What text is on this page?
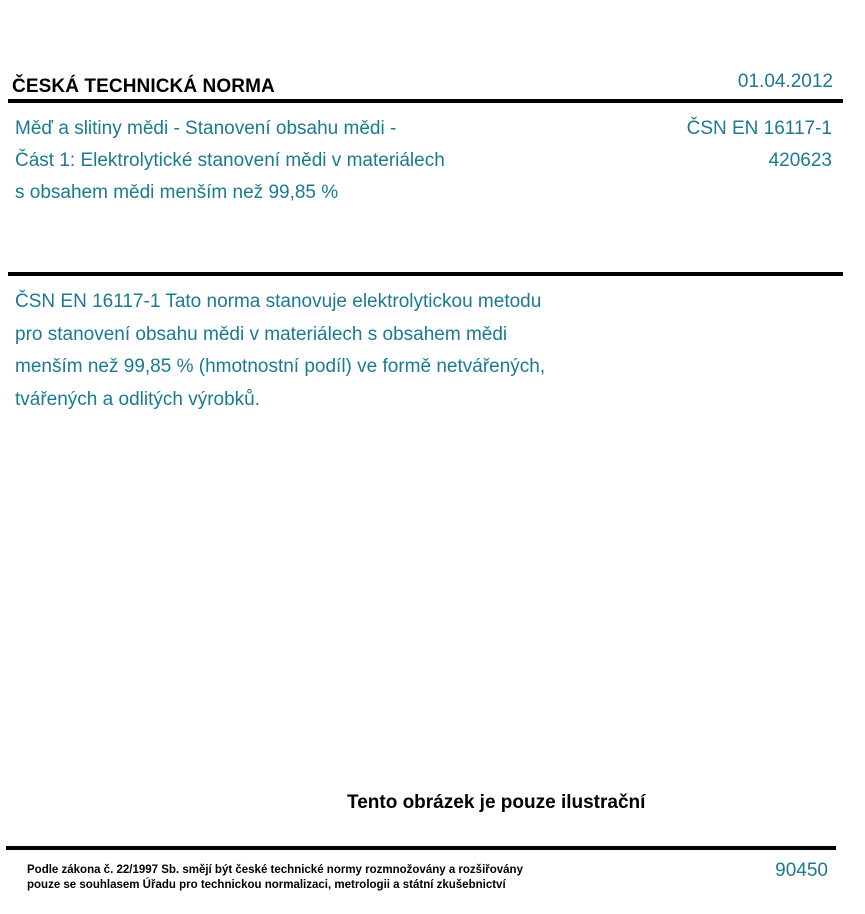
ČESKÁ TECHNICKÁ NORMA	01.04.2012
Měď a slitiny mědi - Stanovení obsahu mědi -
Část 1: Elektrolytické stanovení mědi v materiálech
s obsahem mědi menším než 99,85 %
ČSN EN 16117-1
420623
ČSN EN 16117-1 Tato norma stanovuje elektrolytickou metodu
pro stanovení obsahu mědi v materiálech s obsahem mědi
menším než 99,85 % (hmotnostní podíl) ve formě netvářených,
tvářených a odlitých výrobků.
Tento obrázek je pouze ilustrační
Podle zákona č. 22/1997 Sb. smějí být české technické normy rozmnožovány a rozšiřovány
pouze se souhlasem Úřadu pro technickou normalizaci, metrologii a státní zkušebnictví
90450
